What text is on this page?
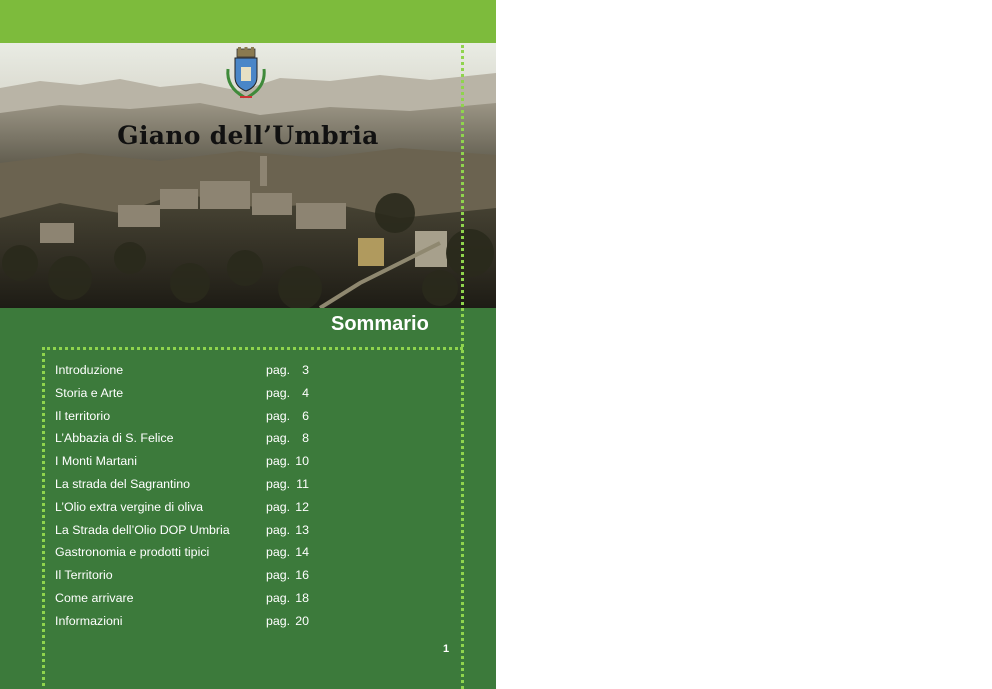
Giano dell’Umbria
Sommario
Introduzione	pag. 3
Storia e Arte	pag. 4
Il territorio	pag. 6
L’Abbazia di S. Felice	pag. 8
I Monti Martani	pag. 10
La strada del Sagrantino	pag. 11
L’Olio extra vergine di oliva	pag. 12
La Strada dell’Olio DOP Umbria	pag. 13
Gastronomia e prodotti tipici	pag. 14
Il Territorio	pag. 16
Come arrivare	pag. 18
Informazioni	pag. 20
1
